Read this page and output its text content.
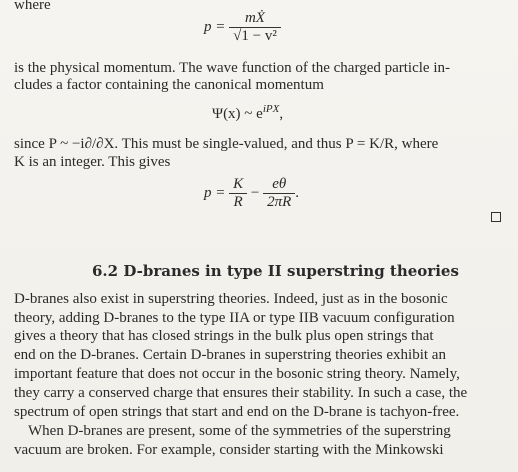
where
$p = \frac{\text{mẊ}}{\text{√1 − v²}}$
is the physical momentum. The wave function of the charged particle in-
cludes a factor containing the canonical momentum
Ψ(x) ~ $e^{iPX}$,
since P ~ −i∂/∂X. This must be single-valued, and thus P = K/R, where
K is an integer. This gives
$p = \frac{K}{R} - \frac{e\theta}{2\pi R}$ .
6.2 D-branes in type II superstring theories
D-branes also exist in superstring theories. Indeed, just as in the bosonic
theory, adding D-branes to the type IIA or type IIB vacuum configuration
gives a theory that has closed strings in the bulk plus open strings that
end on the D-branes. Certain D-branes in superstring theories exhibit an
important feature that does not occur in the bosonic string theory. Namely,
they carry a conserved charge that ensures their stability. In such a case, the
spectrum of open strings that start and end on the D-brane is tachyon-free.
When D-branes are present, some of the symmetries of the superstring
vacuum are broken. For example, consider starting with the Minkowski
